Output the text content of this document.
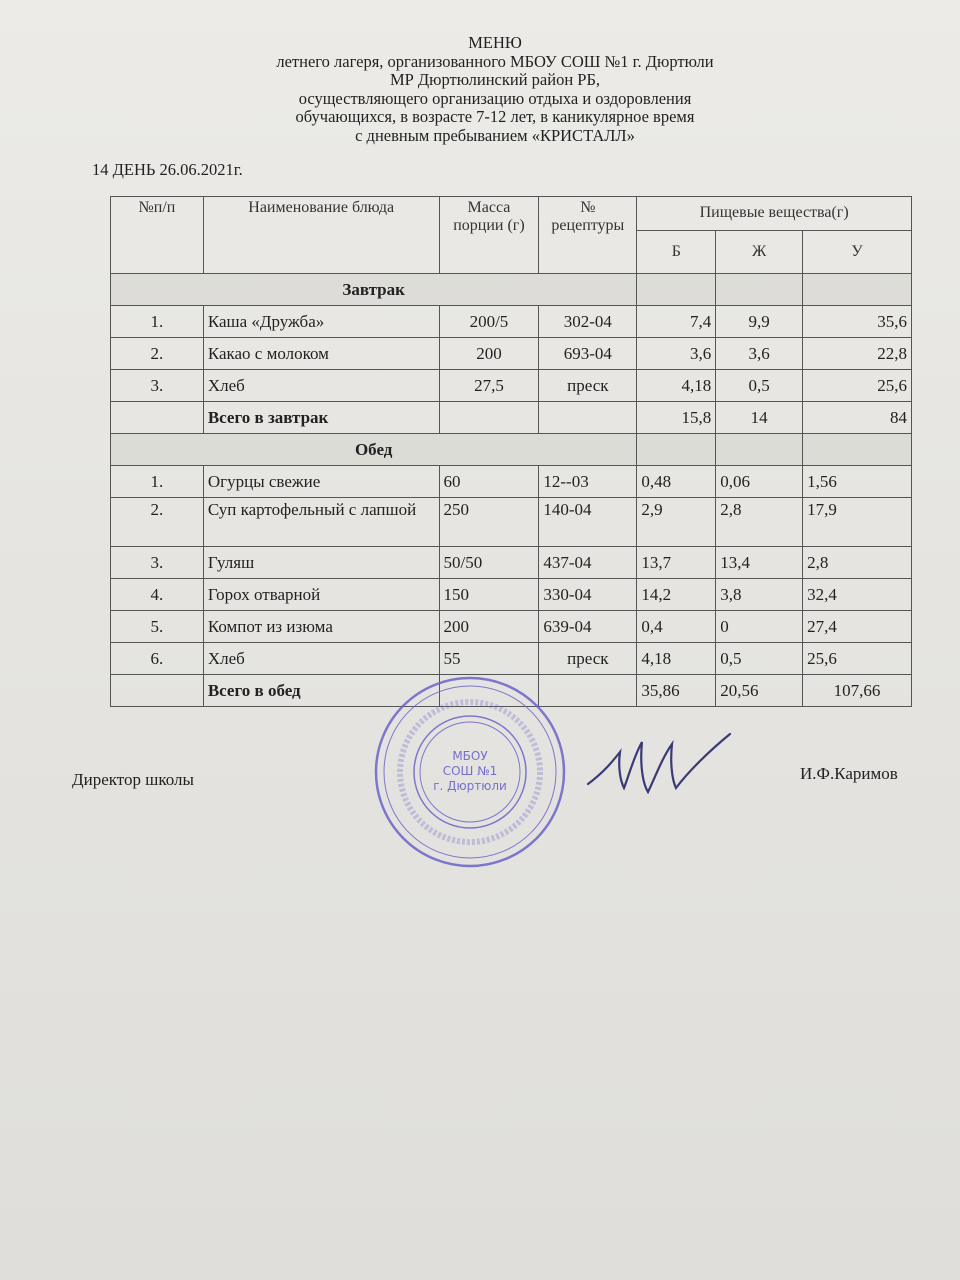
МЕНЮ
летнего лагеря, организованного МБОУ СОШ №1 г. Дюртюли
МР Дюртюлинский район РБ,
осуществляющего организацию отдыха и оздоровления
обучающихся, в возрасте 7-12 лет, в каникулярное время
с дневным пребыванием «КРИСТАЛЛ»
14 ДЕНЬ 26.06.2021г.
№п/п	Наименование блюда	Масса порции (г)	№ рецептуры	Пищевые вещества(г)		
				Б	Ж	У
Завтрак						
1.	Каша «Дружба»	200/5	302-04	7,4	9,9	35,6
2.	Какао с молоком	200	693-04	3,6	3,6	22,8
3.	Хлеб	27,5	преск	4,18	0,5	25,6
	Всего в завтрак			15,8	14	84
Обед						
1.	Огурцы свежие	60	12--03	0,48	0,06	1,56
2.	Суп картофельный с лапшой	250	140-04	2,9	2,8	17,9
3.	Гуляш	50/50	437-04	13,7	13,4	2,8
4.	Горох отварной	150	330-04	14,2	3,8	32,4
5.	Компот из изюма	200	639-04	0,4	0	27,4
6.	Хлеб	55	преск	4,18	0,5	25,6
	Всего в обед			35,86	20,56	107,66
Директор школы	И.Ф.Каримов
МБОУ
СОШ №1
г. Дюртюли
